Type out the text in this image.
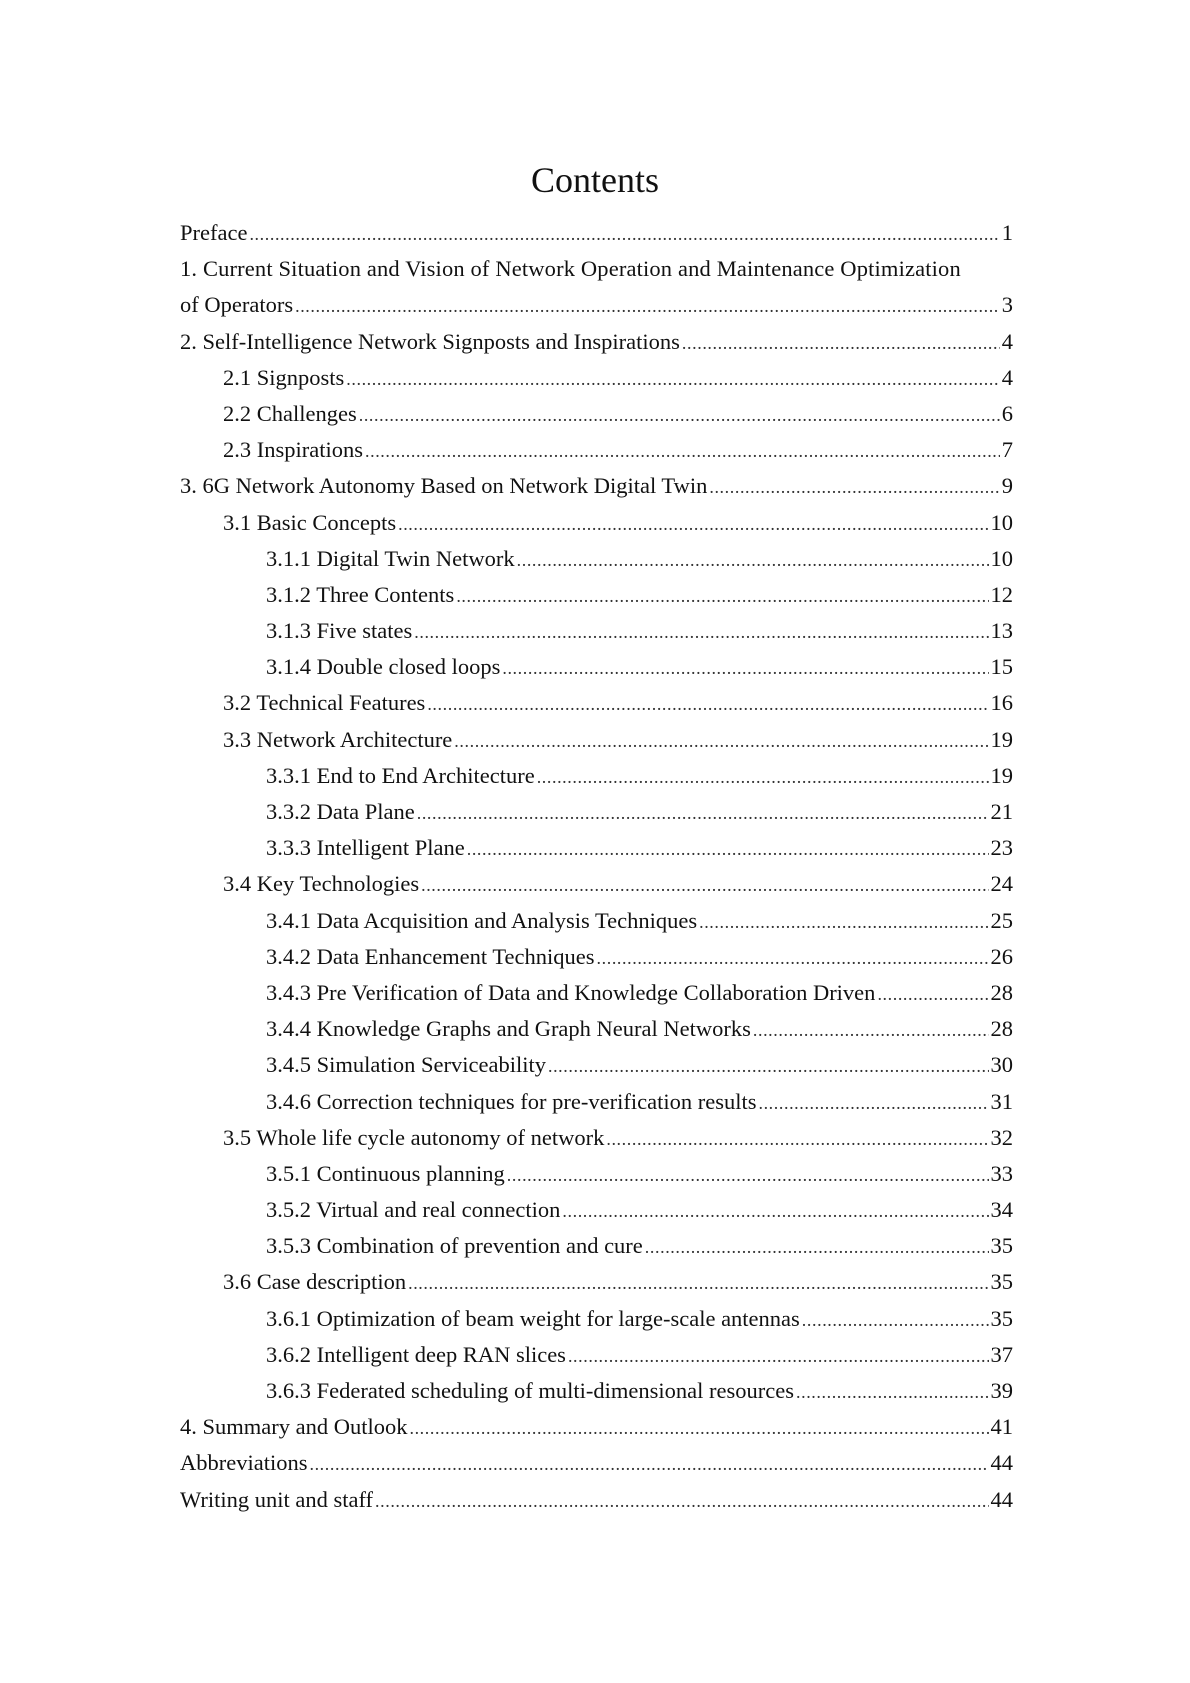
Contents
Preface .....	1
1. Current Situation and Vision of Network Operation and Maintenance Optimization
of Operators .....	3
2. Self-Intelligence Network Signposts and Inspirations .....	4
2.1 Signposts .....	4
2.2 Challenges .....	6
2.3 Inspirations .....	7
3. 6G Network Autonomy Based on Network Digital Twin .....	9
3.1 Basic Concepts .....	10
3.1.1 Digital Twin Network .....	10
3.1.2 Three Contents .....	12
3.1.3 Five states .....	13
3.1.4 Double closed loops .....	15
3.2 Technical Features .....	16
3.3 Network Architecture .....	19
3.3.1 End to End Architecture .....	19
3.3.2 Data Plane .....	21
3.3.3 Intelligent Plane .....	23
3.4 Key Technologies .....	24
3.4.1 Data Acquisition and Analysis Techniques .....	25
3.4.2 Data Enhancement Techniques .....	26
3.4.3 Pre Verification of Data and Knowledge Collaboration Driven .....	28
3.4.4 Knowledge Graphs and Graph Neural Networks .....	28
3.4.5 Simulation Serviceability .....	30
3.4.6 Correction techniques for pre-verification results .....	31
3.5 Whole life cycle autonomy of network .....	32
3.5.1 Continuous planning .....	33
3.5.2 Virtual and real connection .....	34
3.5.3 Combination of prevention and cure .....	35
3.6 Case description .....	35
3.6.1 Optimization of beam weight for large-scale antennas .....	35
3.6.2 Intelligent deep RAN slices .....	37
3.6.3 Federated scheduling of multi-dimensional resources .....	39
4. Summary and Outlook .....	41
Abbreviations .....	44
Writing unit and staff .....	44
